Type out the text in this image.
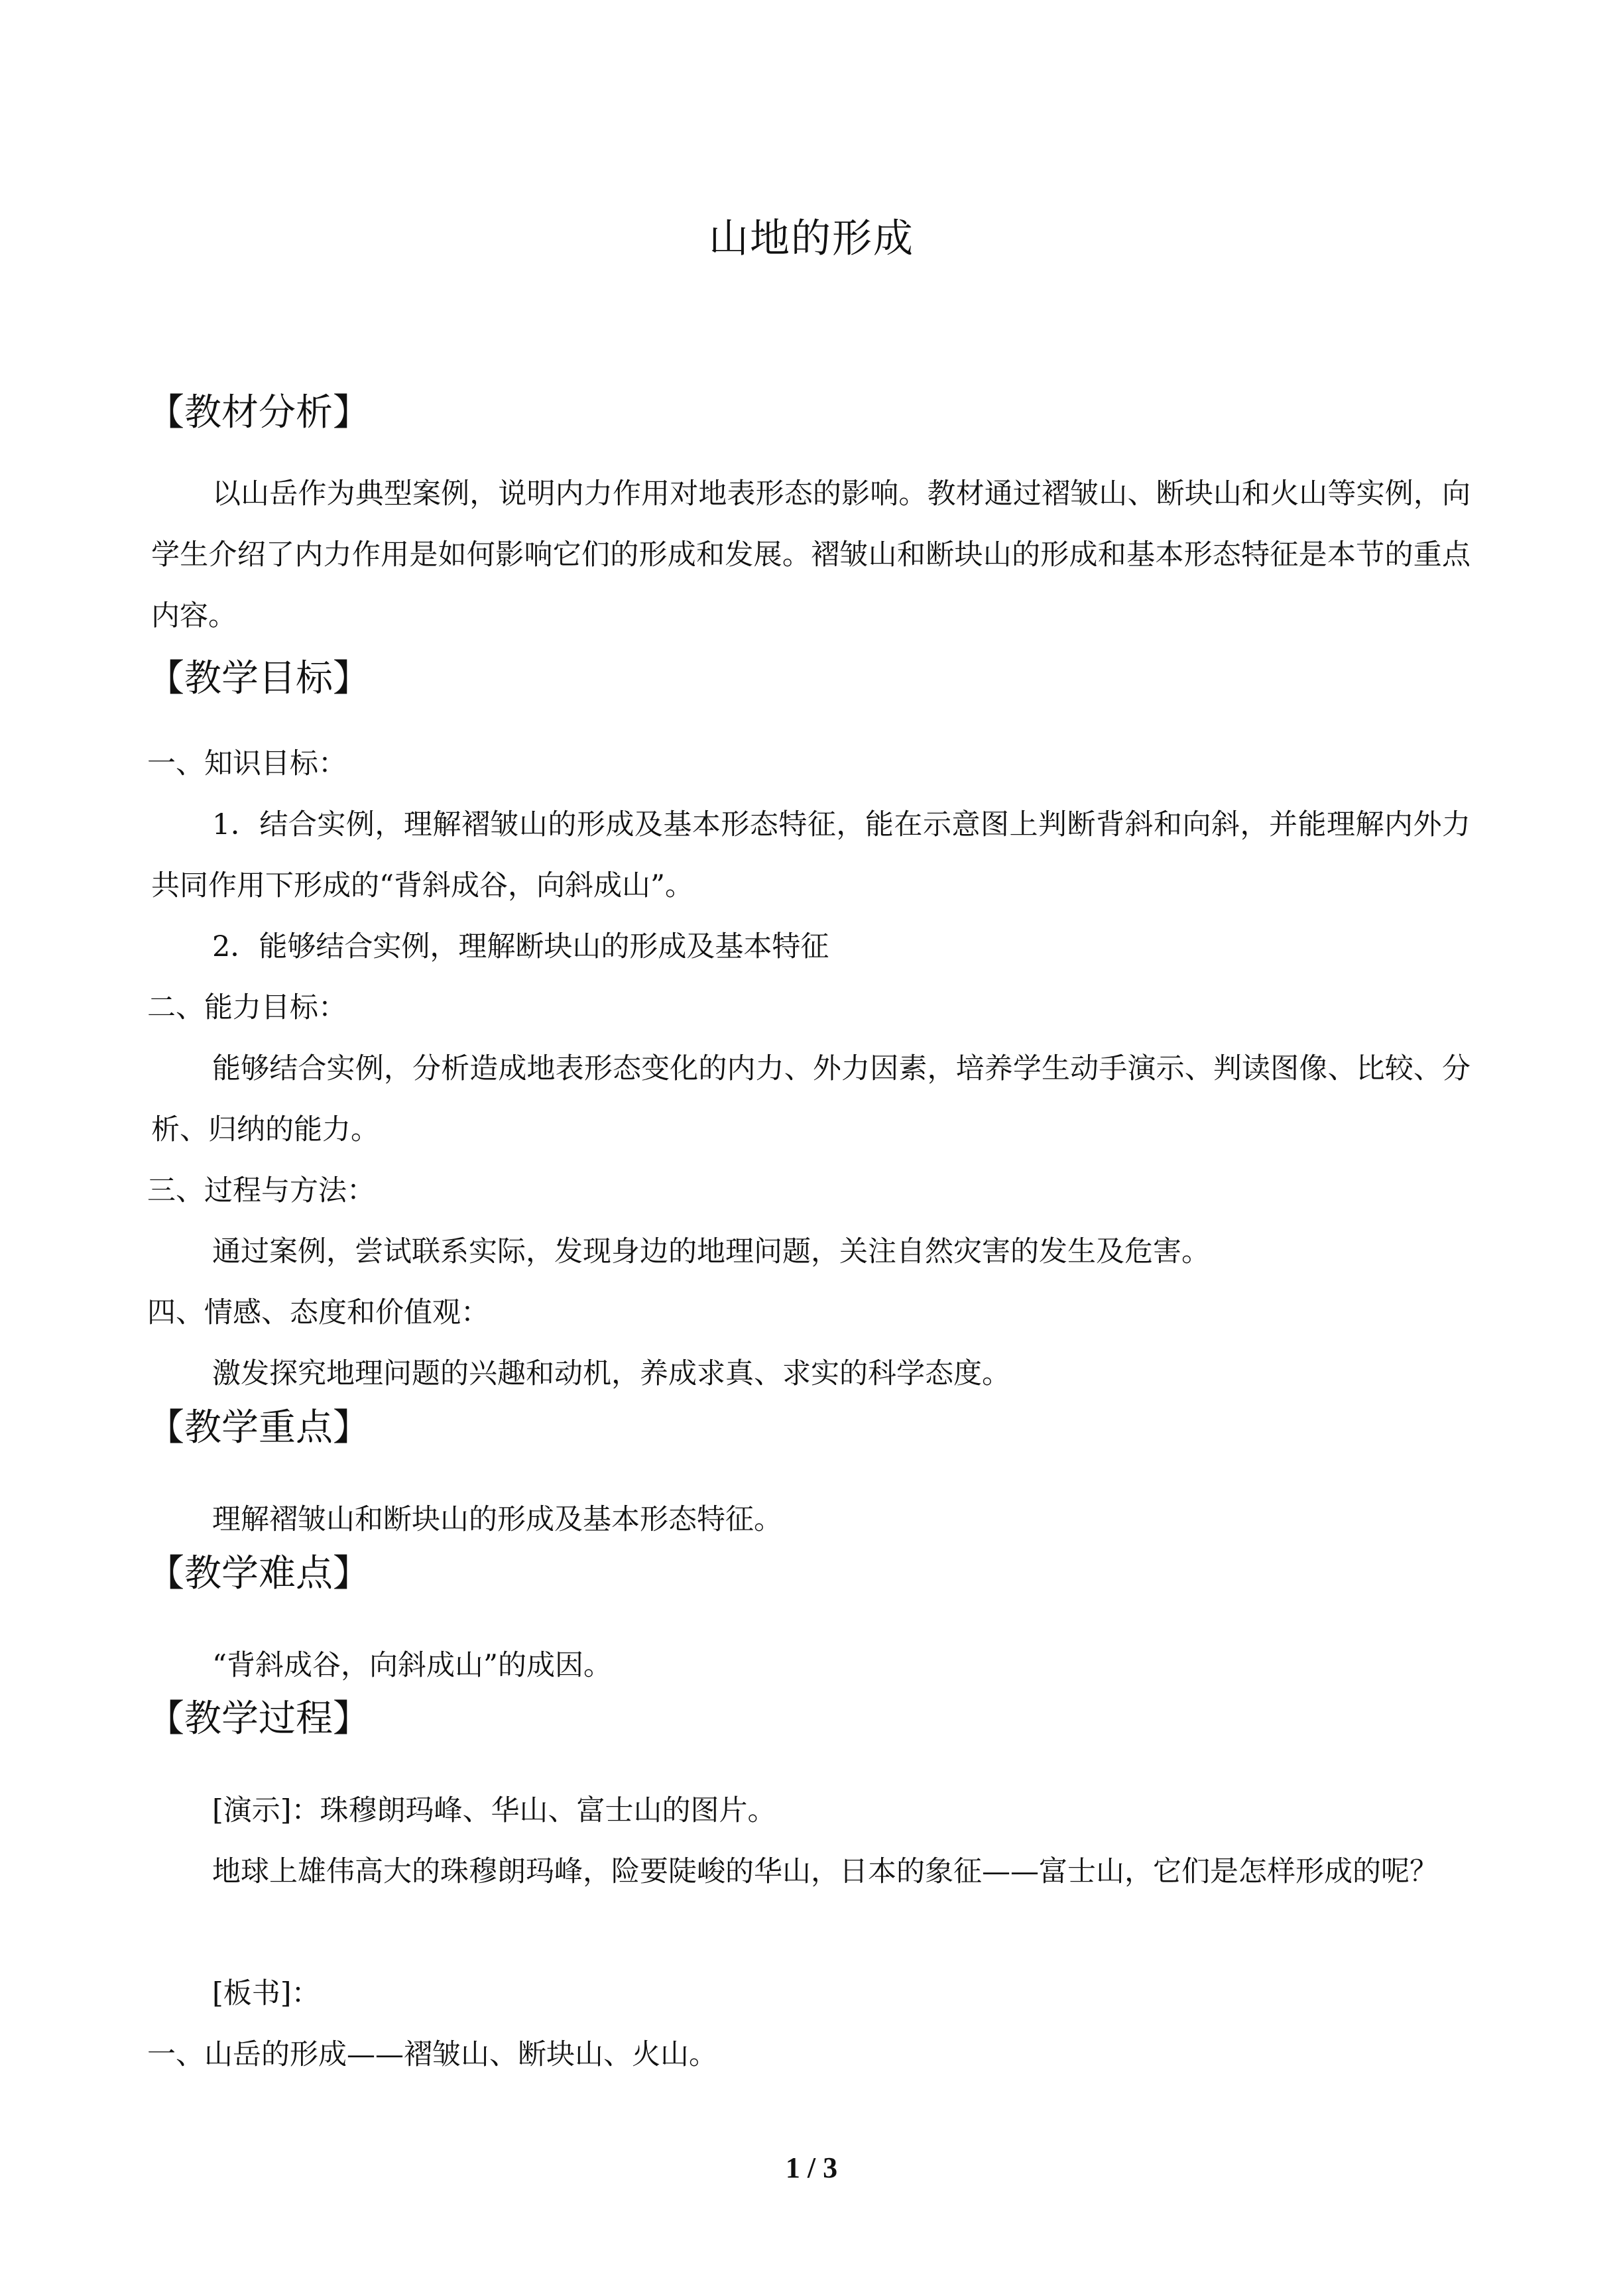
山地的形成
【教材分析】
以山岳作为典型案例，说明内力作用对地表形态的影响。教材通过褶皱山、断块山和火山等实例，向学生介绍了内力作用是如何影响它们的形成和发展。褶皱山和断块山的形成和基本形态特征是本节的重点内容。
【教学目标】
一、知识目标：
1．结合实例，理解褶皱山的形成及基本形态特征，能在示意图上判断背斜和向斜，并能理解内外力共同作用下形成的“背斜成谷，向斜成山”。
2．能够结合实例，理解断块山的形成及基本特征
二、能力目标：
能够结合实例，分析造成地表形态变化的内力、外力因素，培养学生动手演示、判读图像、比较、分析、归纳的能力。
三、过程与方法：
通过案例，尝试联系实际，发现身边的地理问题，关注自然灾害的发生及危害。
四、情感、态度和价值观：
激发探究地理问题的兴趣和动机，养成求真、求实的科学态度。
【教学重点】
理解褶皱山和断块山的形成及基本形态特征。
【教学难点】
“背斜成谷，向斜成山”的成因。
【教学过程】
[演示]：珠穆朗玛峰、华山、富士山的图片。
地球上雄伟高大的珠穆朗玛峰，险要陡峻的华山，日本的象征——富士山，它们是怎样形成的呢？
[板书]：
一、山岳的形成——褶皱山、断块山、火山。
1 / 3
